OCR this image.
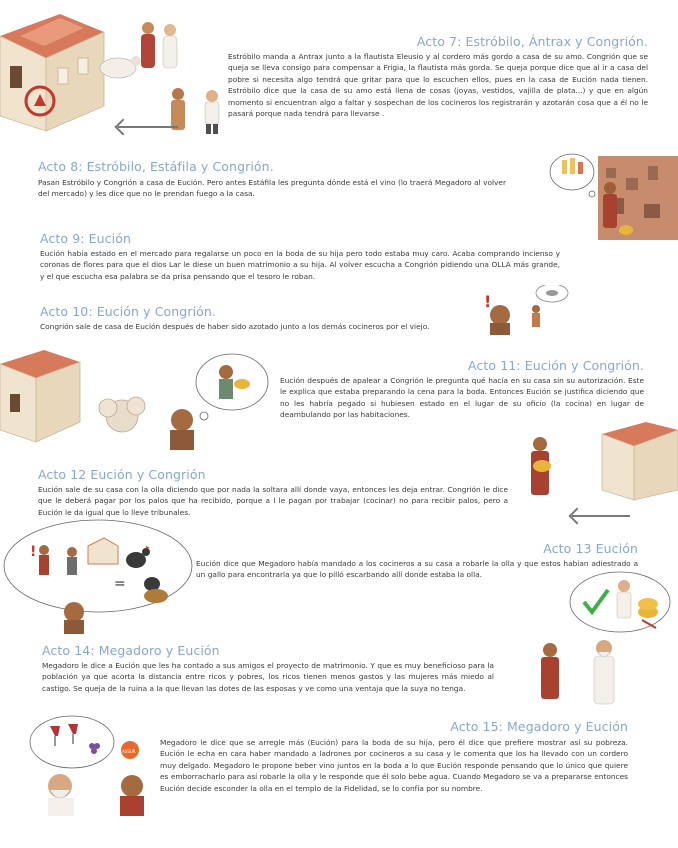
Acto 7: Estróbilo, Ántrax y Congrión.
Estróbilo manda a Antrax junto a la flautista Eleusio y al cordero más gordo a casa de su amo. Congrión que se queja se lleva consigo para compensar a Frigia, la flautista más gorda. Se queja porque dice que al ir a casa del pobre si necesita algo tendrá que gritar para que lo escuchen ellos, pues en la casa de Eución nada tienen. Estróbilo dice que la casa de su amo está llena de cosas (joyas, vestidos, vajilla de plata...) y que en algún momento si encuentran algo a faltar y sospechan de los cocineros los registrarán y azotarán cosa que a él no le pasará porque nada tendrá para llevarse .
Acto 8: Estróbilo, Estáfila y Congrión.
Pasan Estróbilo y Congrión a casa de Eución. Pero antes Estáfila les pregunta dónde está el vino (lo traerá Megadoro al volver del mercado) y les dice que no le prendan fuego a la casa.
Acto 9: Eución
Eución había estado en el mercado para regalarse un poco en la boda de su hija pero todo estaba muy caro. Acaba comprando incienso y coronas de flores para que el dios Lar le diese un buen matrimonio a su hija. Al volver escucha a Congrión pidiendo una OLLA más grande, y el que escucha esa palabra se da prisa pensando que el tesoro le roban.
Acto 10: Eución y Congrión.
Congrión sale de casa de Eución después de haber sido azotado junto a los demás cocineros por el viejo.
!
Acto 11: Eución y Congrión.
Eución después de apalear a Congrión le pregunta qué hacía en su casa sin su autorización. Este le explica que estaba preparando la cena para la boda. Entonces Eución se justifica diciendo que no les habría pegado si hubiesen estado en el lugar de su oficio (la cocina) en lugar de deambulando por las habitaciones.
Acto 12 Eución y Congrión
Eución sale de su casa con la olla diciendo que por nada la soltara allí donde vaya, entonces les deja entrar. Congrión le dice que le deberá pagar por los palos que ha recibido, porque a l le pagan por trabajar (cocinar) no para recibir palos, pero a Eución le da igual que lo lleve tribunales.
Acto 13 Eución
Eución dice que Megadoro había mandado a los cocineros a su casa a robarle la olla y que estos habían adiestrado a un gallo para encontrarla ya que lo pilló escarbando allí donde estaba la olla.
!
=
Acto 14: Megadoro y Eución
Megadoro le dice a Eución que les ha contado a sus amigos el proyecto de matrimonio. Y que es muy beneficioso para la población ya que acorta la distancia entre ricos y pobres, los ricos tienen menos gastos y las mujeres más miedo al castigo. Se queja de la ruina a la que llevan las dotes de las esposas y ve como una ventaja que la suya no tenga.
Acto 15: Megadoro y Eución
Megadoro le dice que se arregle más (Eución) para la boda de su hija, pero él dice que prefiere mostrar así su pobreza. Eución le echa en cara haber mandado a ladrones por cocineros a su casa y le comenta que los ha llevado con un cordero muy delgado. Megadoro le propone beber vino juntos en la boda a lo que Eución responde pensando que lo único que quiere es emborracharlo para así robarle la olla y le responde que él solo bebe agua. Cuando Megadoro se va a prepararse entonces Eución decide esconder la olla en el templo de la Fidelidad, se lo confía por su nombre.
ASSUR
